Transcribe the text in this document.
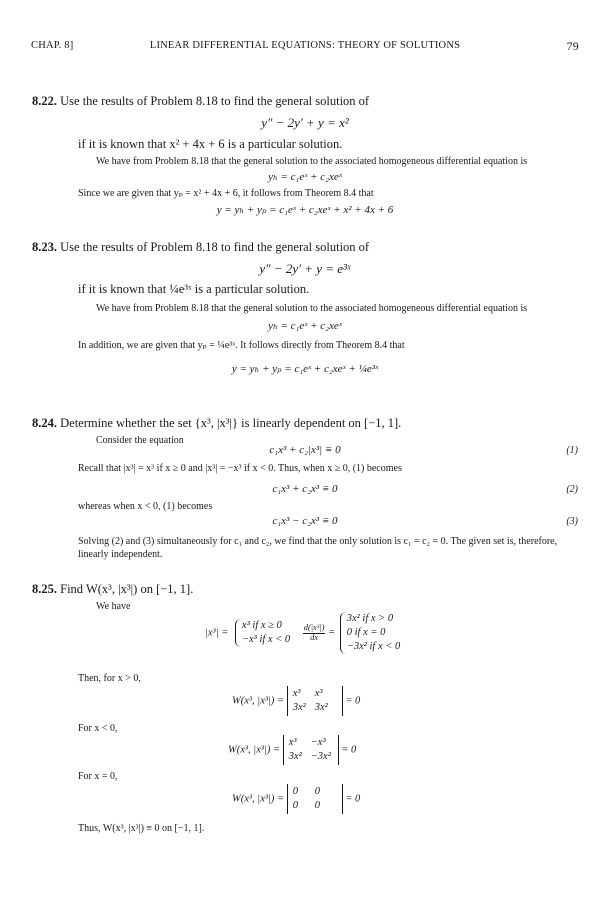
CHAP. 8]	LINEAR DIFFERENTIAL EQUATIONS: THEORY OF SOLUTIONS	79
8.22. Use the results of Problem 8.18 to find the general solution of
y″ − 2y′ + y = x²
if it is known that x² + 4x + 6 is a particular solution.
We have from Problem 8.18 that the general solution to the associated homogeneous differential equation is
yₕ = c₁eˣ + c₂xeˣ
Since we are given that yₚ = x² + 4x + 6, it follows from Theorem 8.4 that
y = yₕ + yₚ = c₁eˣ + c₂xeˣ + x² + 4x + 6
8.23. Use the results of Problem 8.18 to find the general solution of
y″ − 2y′ + y = e³ˣ
if it is known that ¼e³ˣ is a particular solution.
We have from Problem 8.18 that the general solution to the associated homogeneous differential equation is
yₕ = c₁eˣ + c₂xeˣ
In addition, we are given that yₚ = ¼e³ˣ. It follows directly from Theorem 8.4 that
y = yₕ + yₚ = c₁eˣ + c₂xeˣ + ¼e³ˣ
8.24. Determine whether the set {x³, |x³|} is linearly dependent on [−1, 1].
Consider the equation
c₁x³ + c₂|x³| ≡ 0	(1)
Recall that |x³| = x³ if x ≥ 0 and |x³| = −x³ if x < 0. Thus, when x ≥ 0, (1) becomes
c₁x³ + c₂x³ ≡ 0	(2)
whereas when x < 0, (1) becomes
c₁x³ − c₂x³ ≡ 0	(3)
Solving (2) and (3) simultaneously for c₁ and c₂, we find that the only solution is c₁ = c₂ = 0. The given set is, therefore,
linearly independent.
8.25. Find W(x³, |x³|) on [−1, 1].
We have
|x³| =
x³ if x ≥ 0
−x³ if x < 0
$\frac{\text{d(|x³|)}}{dx}$ =
3x² if x > 0
0 if x = 0
−3x² if x < 0
Then, for x > 0,
W(x³, |x³|) =
x³ x³
3x² 3x²
= 0
For x < 0,
W(x³, |x³|) =
x³ −x³
3x² −3x²
= 0
For x = 0,
W(x³, |x³|) =
0 0
0 0
= 0
Thus, W(x³, |x³|) ≡ 0 on [−1, 1].
